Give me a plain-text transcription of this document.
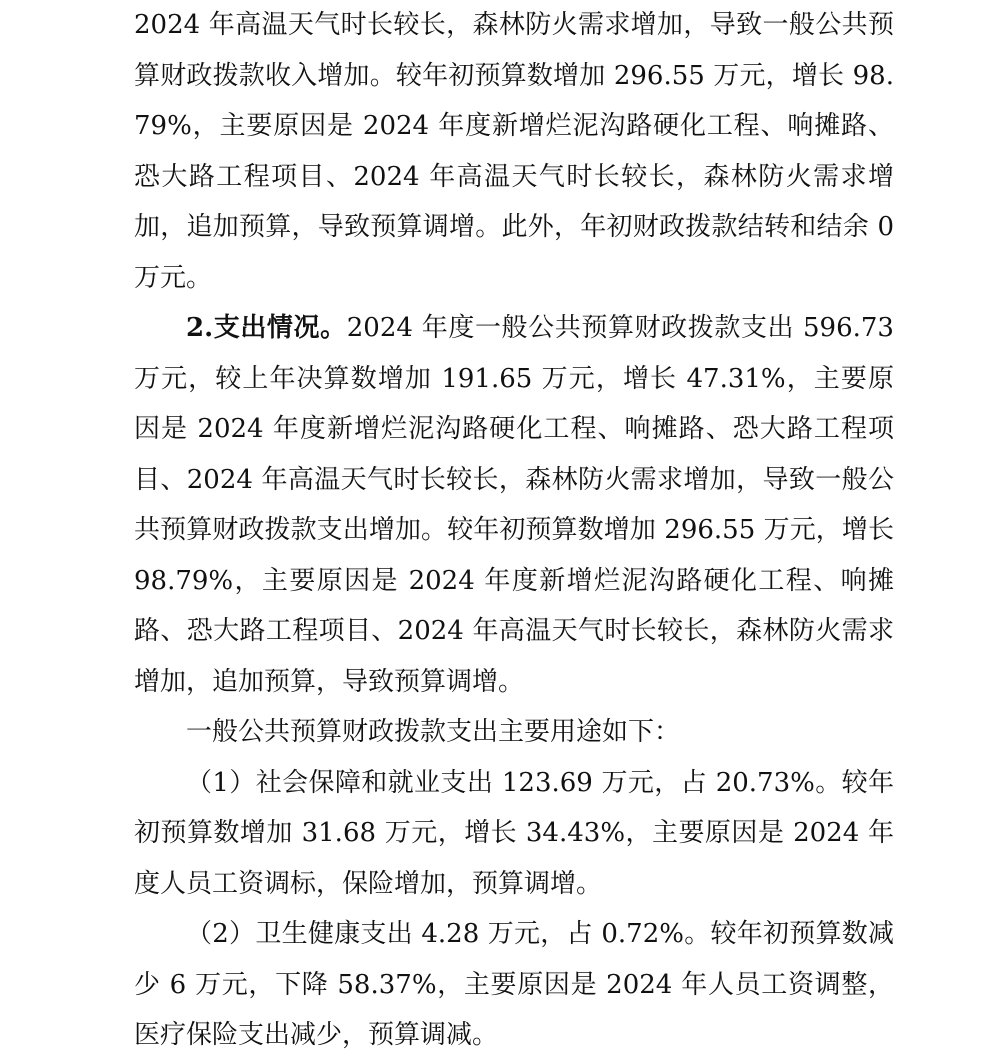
2024 年高温天气时长较长，森林防火需求增加，导致一般公共预算财政拨款收入增加。较年初预算数增加 296.55 万元，增长 98.79%，主要原因是 2024 年度新增烂泥沟路硬化工程、响摊路、恐大路工程项目、2024 年高温天气时长较长，森林防火需求增加，追加预算，导致预算调增。此外，年初财政拨款结转和结余 0 万元。

2.支出情况。2024 年度一般公共预算财政拨款支出 596.73 万元，较上年决算数增加 191.65 万元，增长 47.31%，主要原因是 2024 年度新增烂泥沟路硬化工程、响摊路、恐大路工程项目、2024 年高温天气时长较长，森林防火需求增加，导致一般公共预算财政拨款支出增加。较年初预算数增加 296.55 万元，增长 98.79%，主要原因是 2024 年度新增烂泥沟路硬化工程、响摊路、恐大路工程项目、2024 年高温天气时长较长，森林防火需求增加，追加预算，导致预算调增。

一般公共预算财政拨款支出主要用途如下：

（1）社会保障和就业支出 123.69 万元，占 20.73%。较年初预算数增加 31.68 万元，增长 34.43%，主要原因是 2024 年度人员工资调标，保险增加，预算调增。

（2）卫生健康支出 4.28 万元，占 0.72%。较年初预算数减少 6 万元，下降 58.37%，主要原因是 2024 年人员工资调整，医疗保险支出减少，预算调减。
